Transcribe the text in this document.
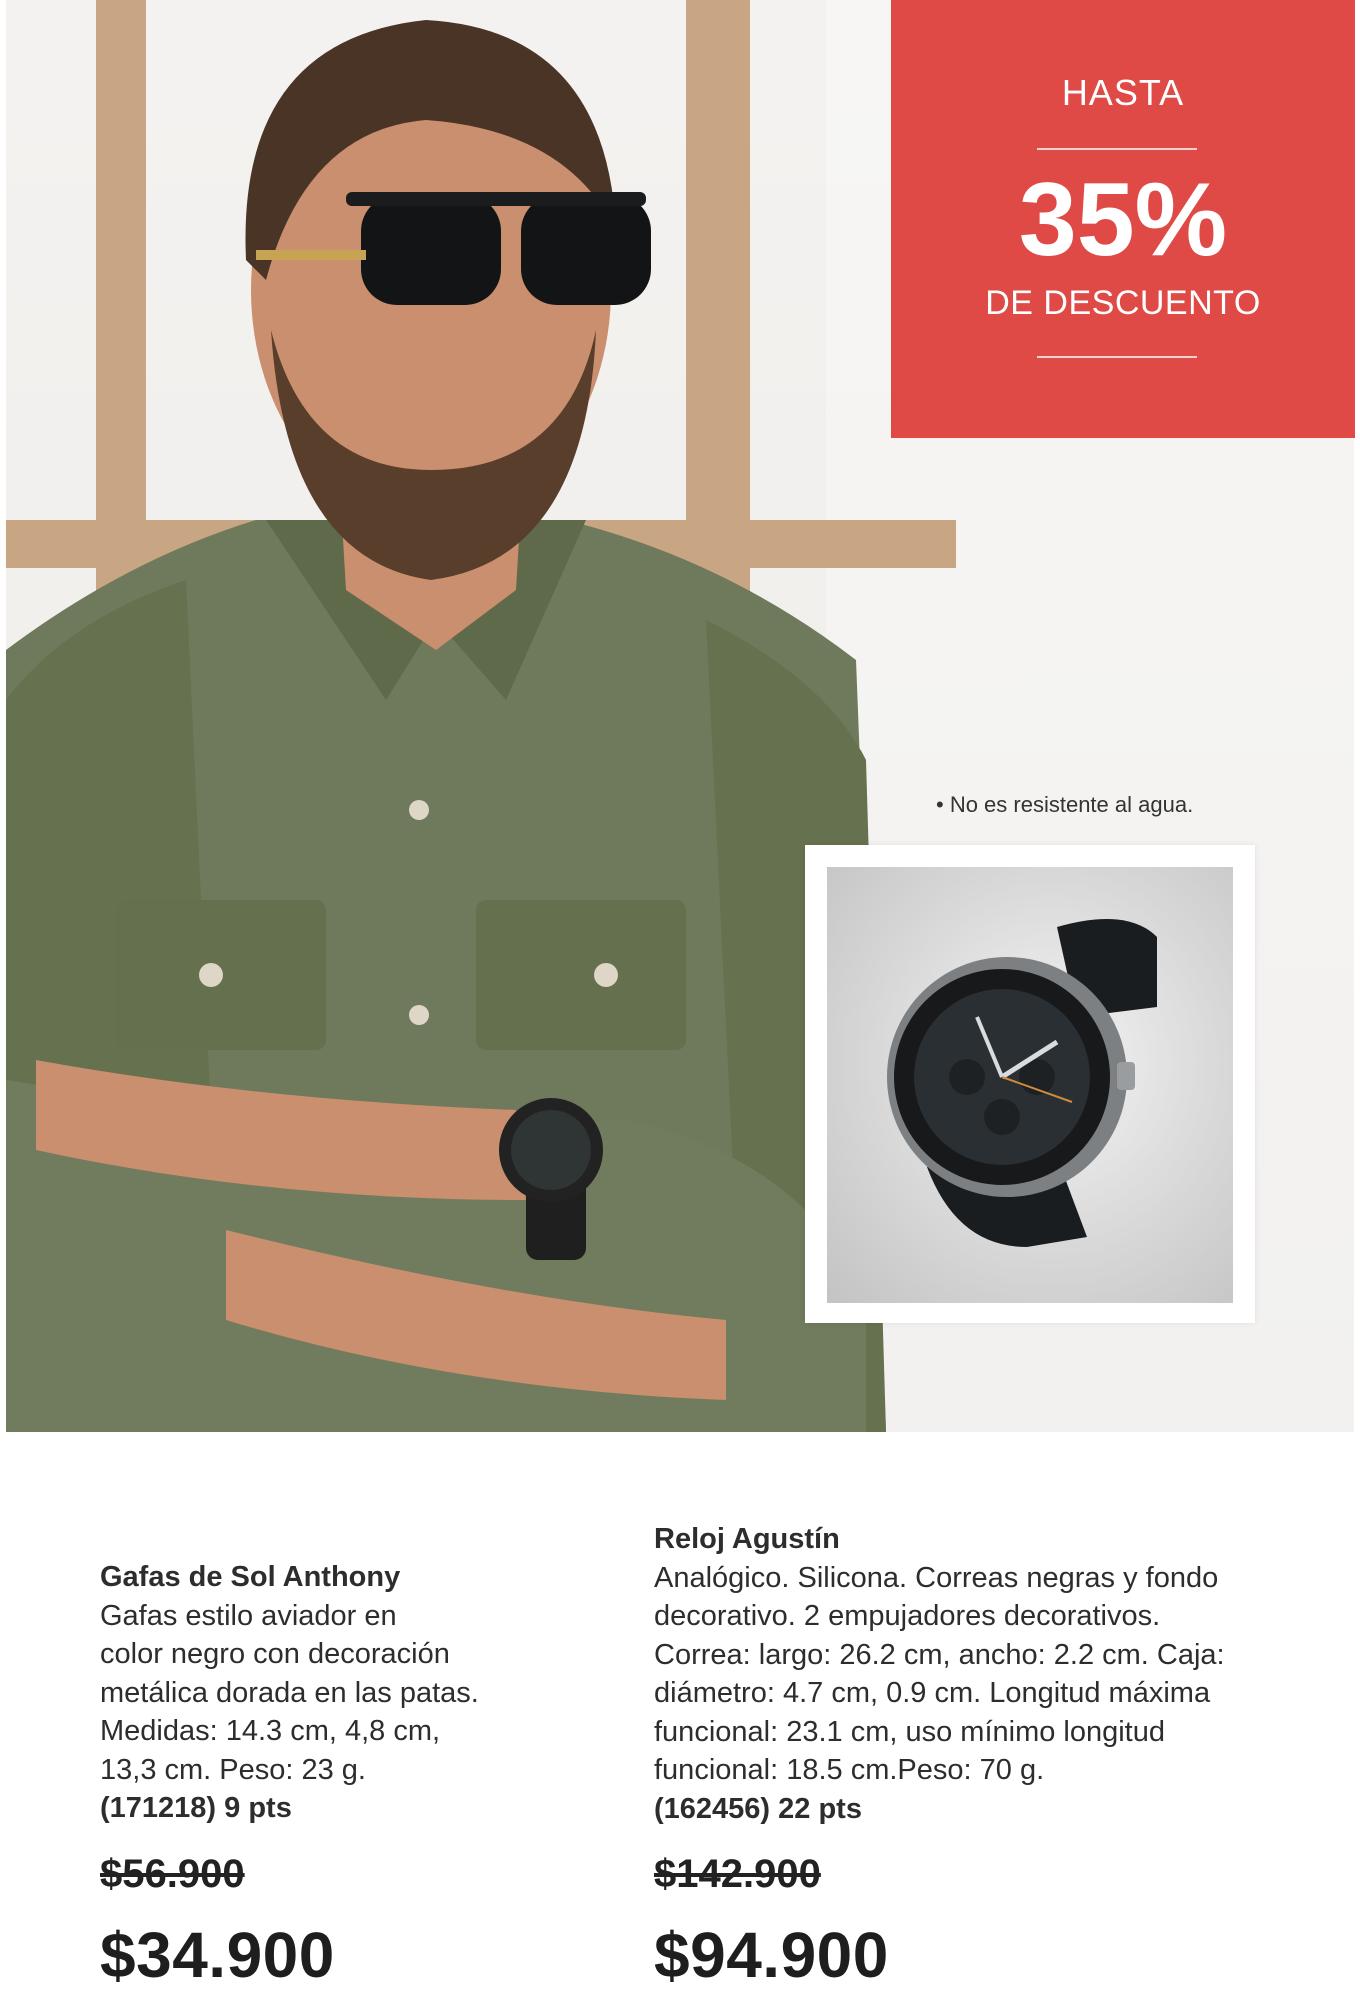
HASTA
35%
DE DESCUENTO
• No es resistente al agua.
Gafas de Sol Anthony
Gafas estilo aviador en
color negro con decoración
metálica dorada en las patas.
Medidas: 14.3 cm, 4,8 cm,
13,3 cm. Peso: 23 g.
(171218) 9 pts
$56.900
$34.900
Reloj Agustín
Analógico. Silicona. Correas negras y fondo
decorativo. 2 empujadores decorativos.
Correa: largo: 26.2 cm, ancho: 2.2 cm. Caja:
diámetro: 4.7 cm, 0.9 cm. Longitud máxima
funcional: 23.1 cm, uso mínimo longitud
funcional: 18.5 cm.Peso: 70 g.
(162456) 22 pts
$142.900
$94.900
